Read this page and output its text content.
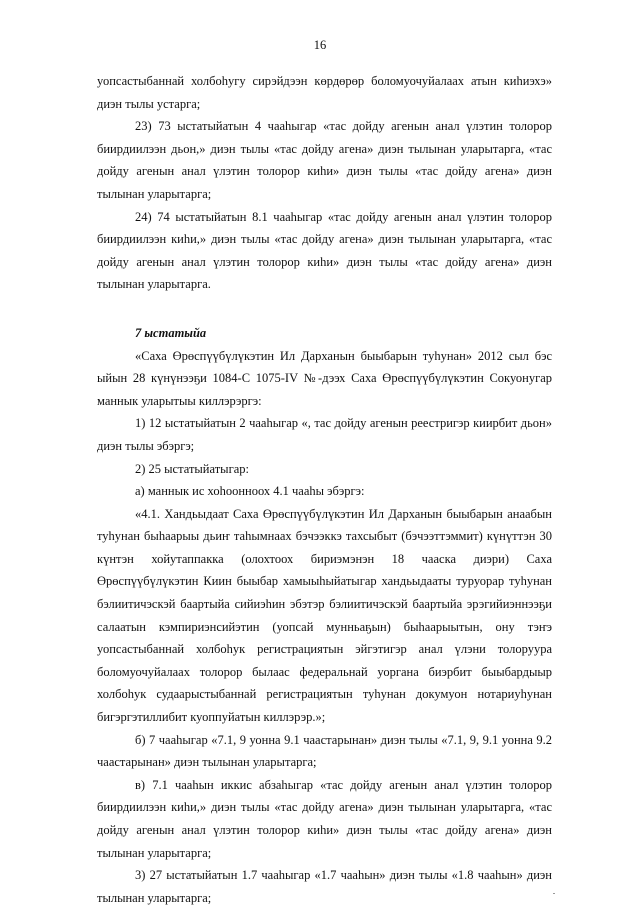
16

уопсастыбаннай холбоһугу сирэйдээн көрдөрөр боломуочуйалаах атын киһиэхэ» диэн тылы устарга;

23) 73 ыстатыйатын 4 чааһыгар «тас дойду агенын анал үлэтин толорор биирдиилээн дьон,» диэн тылы «тас дойду агена» диэн тылынан уларытарга, «тас дойду агенын анал үлэтин толорор киһи» диэн тылы «тас дойду агена» диэн тылынан уларытарга;

24) 74 ыстатыйатын 8.1 чааһыгар «тас дойду агенын анал үлэтин толорор биирдиилээн киһи,» диэн тылы «тас дойду агена» диэн тылынан уларытарга, «тас дойду агенын анал үлэтин толорор киһи» диэн тылы «тас дойду агена» диэн тылынан уларытарга.

7 ыстатыйа

«Саха Өрөспүүбүлүкэтин Ил Дарханын быыбарын туһунан» 2012 сыл бэс ыйын 28 күнүнээҕи 1084-С 1075-IV №-дээх Саха Өрөспүүбүлүкэтин Сокуонугар маннык уларытыы киллэрэргэ:

1) 12 ыстатыйатын 2 чааһыгар «, тас дойду агенын реестригэр киирбит дьон» диэн тылы эбэргэ;

2) 25 ыстатыйатыгар:

а) маннык ис хоһоонноох 4.1 чааһы эбэргэ:

«4.1. Хандьыдаат Саха Өрөспүүбүлүкэтин Ил Дарханын быыбарын анаабын туһунан быһаарыы дьиҥ таһымнаах бэчээккэ тахсыбыт (бэчээттэммит) күнүттэн 30 күнтэн хойутаппакка (олохтоох бириэмэнэн 18 чааска диэри) Саха Өрөспүүбүлүкэтин Киин быыбар хамыыһыйатыгар хандьыдааты туруорар туһунан бэлиитичэскэй баартыйа сийиэһин эбэтэр бэлиитичэскэй баартыйа эрэгийиэннээҕи салаатын кэмпириэнсийэтин (уопсай мунньаҕын) быһаарыытын, ону тэҥэ уопсастыбаннай холбоһук регистрациятын эйгэтигэр анал үлэни толоруура боломуочуйалаах толорор былаас федеральнай уоргана биэрбит быыбардыыр холбоһук судаарыстыбаннай регистрациятын туһунан докумуон нотариуһунан бигэргэтиллибит куоппуйатын киллэрэр.»;

б) 7 чааһыгар «7.1, 9 уонна 9.1 чаастарынан» диэн тылы «7.1, 9, 9.1 уонна 9.2 чаастарынан» диэн тылынан уларытарга;

в) 7.1 чааһын иккис абзаһыгар «тас дойду агенын анал үлэтин толорор биирдиилээн киһи,» диэн тылы «тас дойду агена» диэн тылынан уларытарга, «тас дойду агенын анал үлэтин толорор киһи» диэн тылы «тас дойду агена» диэн тылынан уларытарга;

3) 27 ыстатыйатын 1.7 чааһыгар «1.7 чааһын» диэн тылы «1.8 чааһын» диэн тылынан уларытарга;
